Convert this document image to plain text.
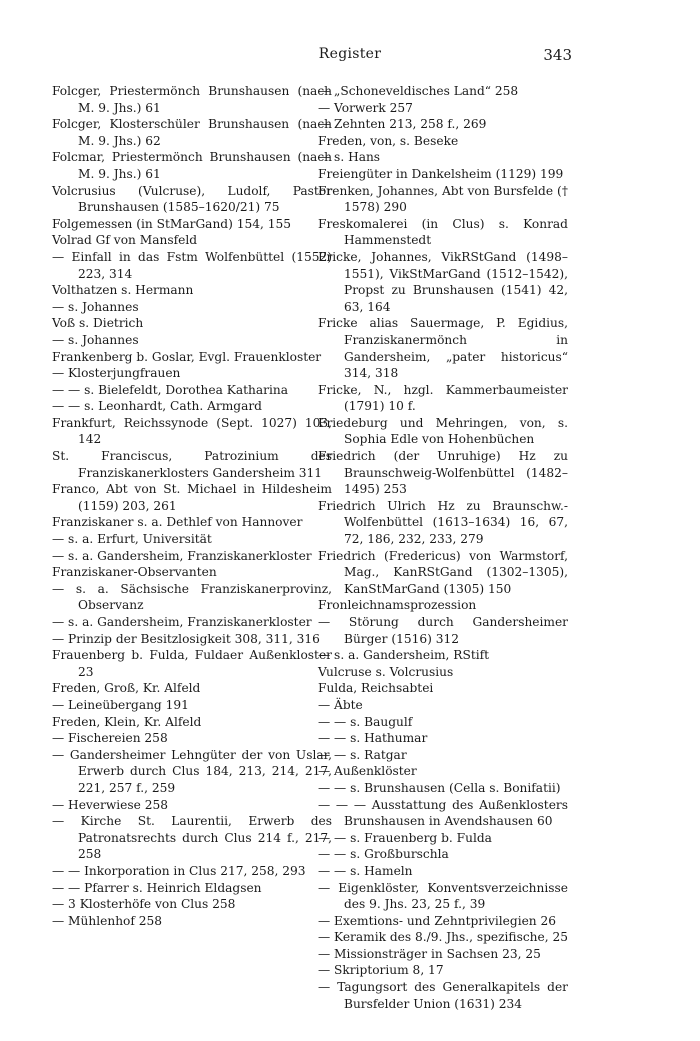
Register	343

Folcger, Priestermönch Brunshausen (nach M. 9. Jhs.) 61

Folcger, Klosterschüler Brunshausen (nach M. 9. Jhs.) 62

Folcmar, Priestermönch Brunshausen (nach M. 9. Jhs.) 61

Volcrusius (Vulcruse), Ludolf, Pastor Brunshausen (1585–1620/21) 75

Folgemessen (in StMarGand) 154, 155

Volrad Gf von Mansfeld

— Einfall in das Fstm Wolfenbüttel (1552) 223, 314

Volthatzen s. Hermann

— s. Johannes

Voß s. Dietrich

— s. Johannes

Frankenberg b. Goslar, Evgl. Frauenkloster

— Klosterjungfrauen

— — s. Bielefeldt, Dorothea Katharina

— — s. Leonhardt, Cath. Armgard

Frankfurt, Reichssynode (Sept. 1027) 103, 142

St. Franciscus, Patrozinium des Franziskanerklosters Gandersheim 311

Franco, Abt von St. Michael in Hildesheim (1159) 203, 261

Franziskaner s. a. Dethlef von Hannover

— s. a. Erfurt, Universität

— s. a. Gandersheim, Franziskanerkloster

Franziskaner-Observanten

— s. a. Sächsische Franziskanerprovinz, Observanz

— s. a. Gandersheim, Franziskanerkloster

— Prinzip der Besitzlosigkeit 308, 311, 316

Frauenberg b. Fulda, Fuldaer Außenkloster 23

Freden, Groß, Kr. Alfeld

— Leineübergang 191

Freden, Klein, Kr. Alfeld

— Fischereien 258

— Gandersheimer Lehngüter der von Uslar, Erwerb durch Clus 184, 213, 214, 217, 221, 257 f., 259

— Heverwiese 258

— Kirche St. Laurentii, Erwerb des Patronatsrechts durch Clus 214 f., 217, 258

— — Inkorporation in Clus 217, 258, 293

— — Pfarrer s. Heinrich Eldagsen

— 3 Klosterhöfe von Clus 258

— Mühlenhof 258

— „Schoneveldisches Land“ 258

— Vorwerk 257

— Zehnten 213, 258 f., 269

Freden, von, s. Beseke

— s. Hans

Freiengüter in Dankelsheim (1129) 199

Frenken, Johannes, Abt von Bursfelde († 1578) 290

Freskomalerei (in Clus) s. Konrad Hammenstedt

Fricke, Johannes, VikRStGand (1498–1551), VikStMarGand (1512–1542), Propst zu Brunshausen (1541) 42, 63, 164

Fricke alias Sauermage, P. Egidius, Franziskanermönch in Gandersheim, „pater historicus“ 314, 318

Fricke, N., hzgl. Kammerbaumeister (1791) 10 f.

Friedeburg und Mehringen, von, s. Sophia Edle von Hohenbüchen

Friedrich (der Unruhige) Hz zu Braunschweig-Wolfenbüttel (1482–1495) 253

Friedrich Ulrich Hz zu Braunschw.-Wolfenbüttel (1613–1634) 16, 67, 72, 186, 232, 233, 279

Friedrich (Fredericus) von Warmstorf, Mag., KanRStGand (1302–1305), KanStMarGand (1305) 150

Fronleichnamsprozession

— Störung durch Gandersheimer Bürger (1516) 312

— s. a. Gandersheim, RStift

Vulcruse s. Volcrusius

Fulda, Reichsabtei

— Äbte

— — s. Baugulf

— — s. Hathumar

— — s. Ratgar

— Außenklöster

— — s. Brunshausen (Cella s. Bonifatii)

— — — Ausstattung des Außenklosters Brunshausen in Avendshausen 60

— — s. Frauenberg b. Fulda

— — s. Großburschla

— — s. Hameln

— Eigenklöster, Konventsverzeichnisse des 9. Jhs. 23, 25 f., 39

— Exemtions- und Zehntprivilegien 26

— Keramik des 8./9. Jhs., spezifische, 25

— Missionsträger in Sachsen 23, 25

— Skriptorium 8, 17

— Tagungsort des Generalkapitels der Bursfelder Union (1631) 234
